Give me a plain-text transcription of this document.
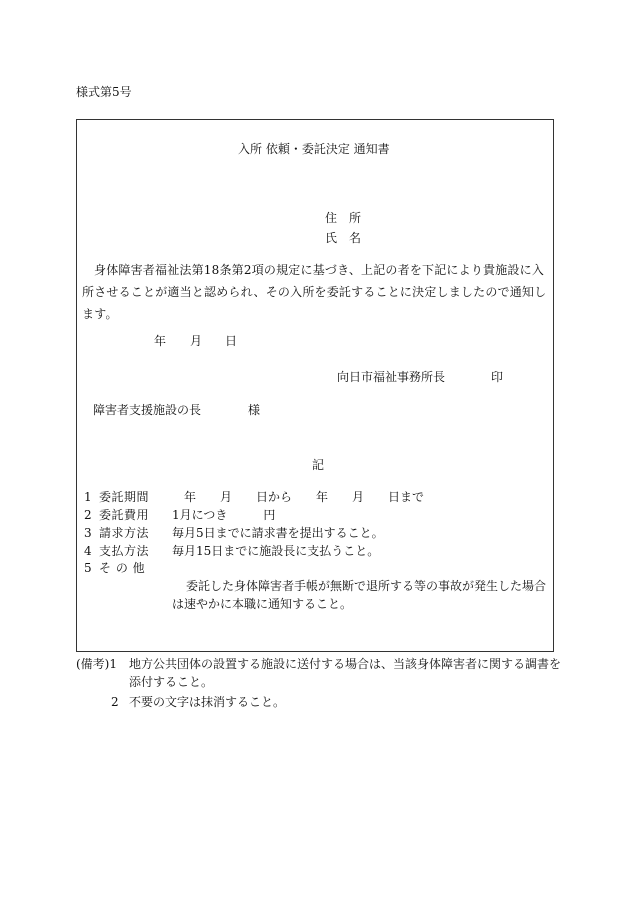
様式第5号
入所 依頼・委託決定 通知書
住　所
氏　名
身体障害者福祉法第18条第2項の規定に基づき、上記の者を下記により貴施設に入所させることが適当と認められ、その入所を委託することに決定しましたので通知します。
年 月 日
向日市福祉事務所長	印
障害者支援施設の長	様
記
1 委託期間	年　　月　　日から　　年　　月　　日まで
2 委託費用 1月につき　　　円
3 請求方法 毎月5日までに請求書を提出すること。
4 支払方法 毎月15日までに施設長に支払うこと。
5 そ の 他
委託した身体障害者手帳が無断で退所する等の事故が発生した場合
は速やかに本職に通知すること。
(備考)1 地方公共団体の設置する施設に送付する場合は、当該身体障害者に関する調書を
添付すること。
2 不要の文字は抹消すること。
